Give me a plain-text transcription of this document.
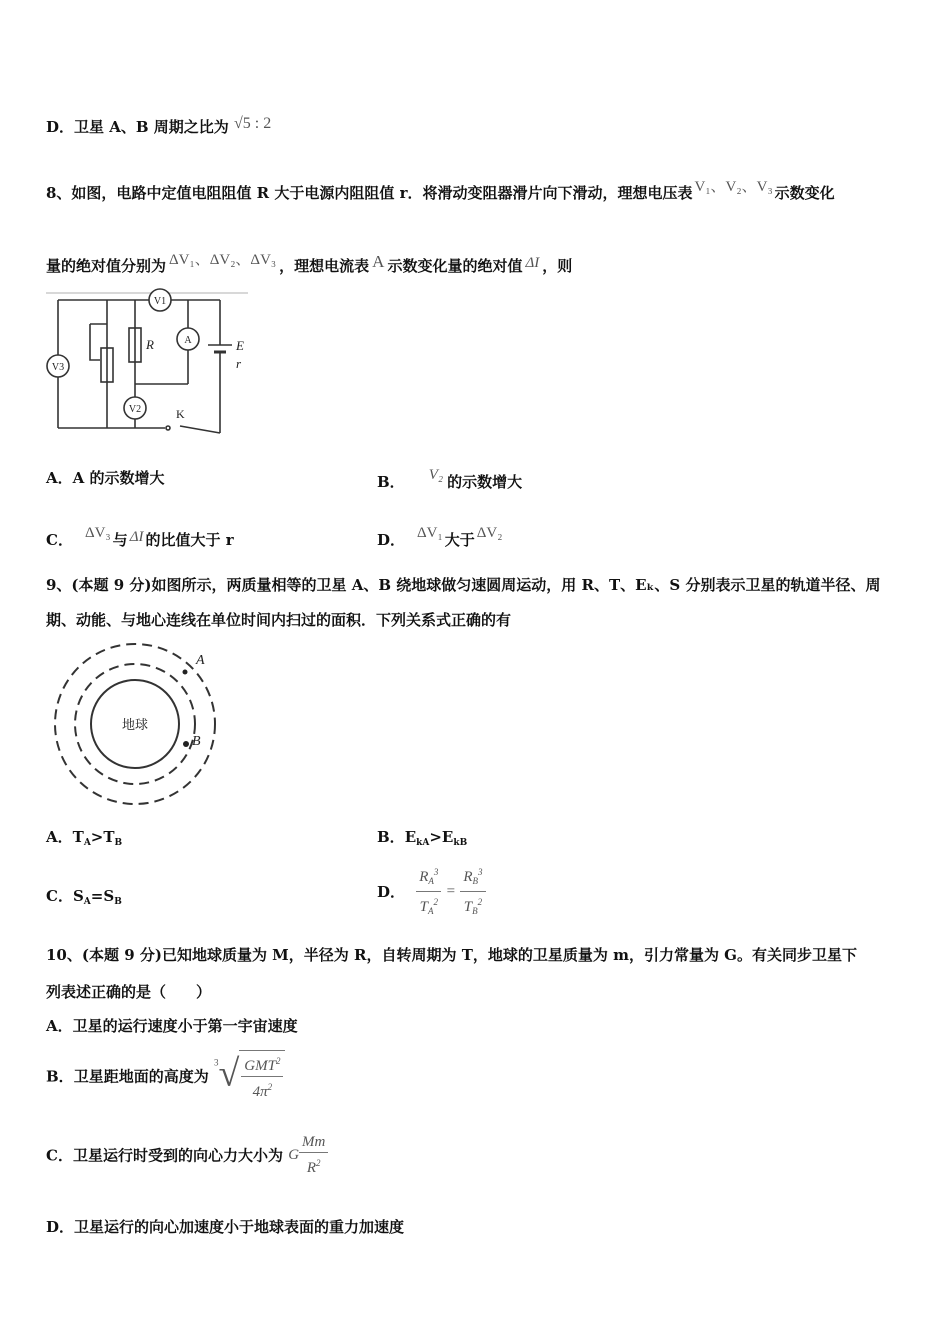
D．卫星 A、B 周期之比为 √5 : 2
8、如图，电路中定值电阻阻值 R 大于电源内阻阻值 r．将滑动变阻器滑片向下滑动，理想电压表 V₁、V₂、V₃ 示数变化
量的绝对值分别为 ΔV₁、ΔV₂、ΔV₃ ，理想电流表 A 示数变化量的绝对值 ΔI ，则
V1
A
V3
V2
R	E
r
K
A．A 的示数增大	B． V₂ 的示数增大
C． ΔV₃ 与 ΔI 的比值大于 r	D． ΔV₁ 大于 ΔV₂
9、(本题 9 分)如图所示，两质量相等的卫星 A、B 绕地球做匀速圆周运动，用 R、T、Eₖ、S 分别表示卫星的轨道半径、周
期、动能、与地心连线在单位时间内扫过的面积．下列关系式正确的有
地球
A
B
A．$T_A>T_B$	B．$E_{kA}>E_{kB}$
C．$S_A=S_B$
D． $\frac{R_A^3}{T_A^2} = \frac{R_B^3}{T_B^2}$
10、(本题 9 分)已知地球质量为 M，半径为 R，自转周期为 T，地球的卫星质量为 m，引力常量为 G。有关同步卫星下
列表述正确的是（　　）
A．卫星的运行速度小于第一宇宙速度
B．卫星距地面的高度为 $^3√ \frac{GMT^2}{4\pi^2}$
C．卫星运行时受到的向心力大小为 G $\frac{Mm}{R^2}$
D．卫星运行的向心加速度小于地球表面的重力加速度
